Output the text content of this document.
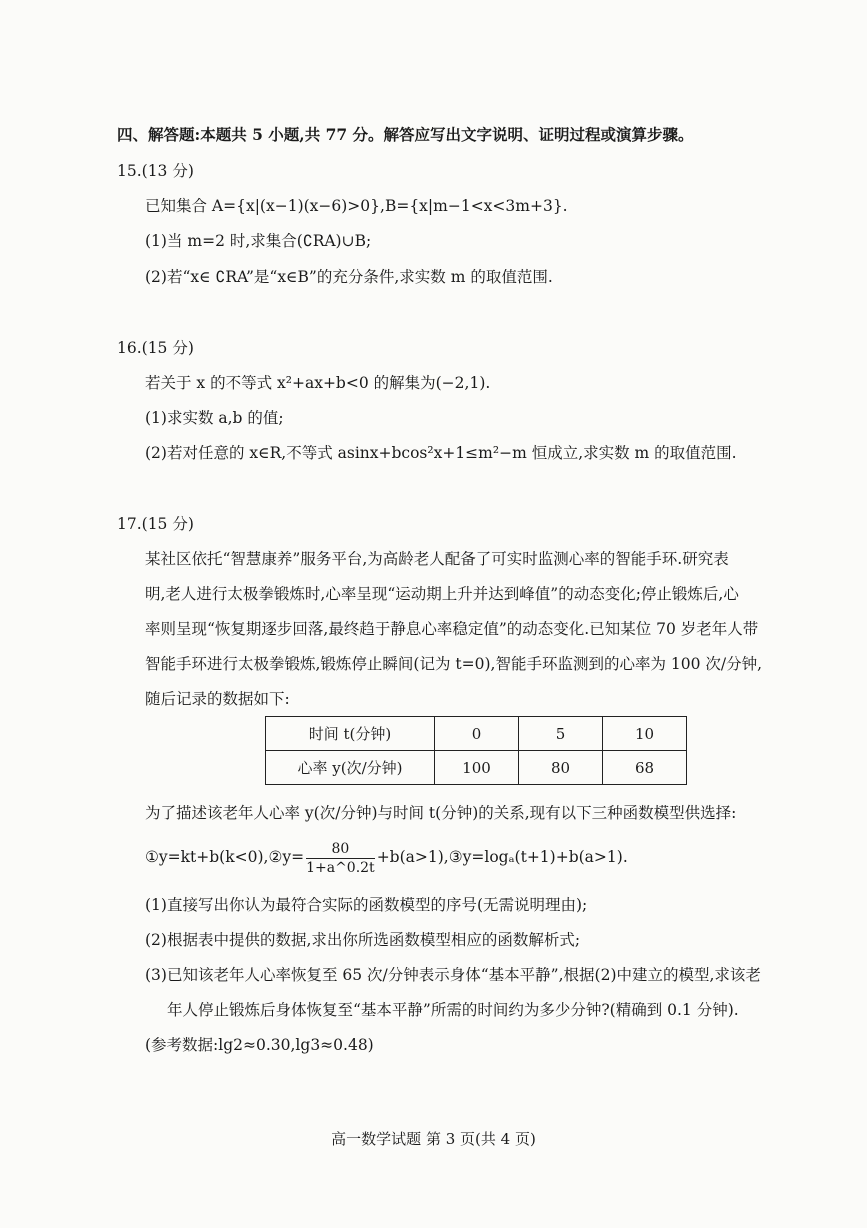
四、解答题:本题共 5 小题,共 77 分。解答应写出文字说明、证明过程或演算步骤。
15.(13 分)
已知集合 A={x|(x−1)(x−6)>0},B={x|m−1<x<3m+3}.
(1)当 m=2 时,求集合(∁RA)∪B;
(2)若“x∈ ∁RA”是“x∈B”的充分条件,求实数 m 的取值范围.
16.(15 分)
若关于 x 的不等式 x²+ax+b<0 的解集为(−2,1).
(1)求实数 a,b 的值;
(2)若对任意的 x∈R,不等式 asinx+bcos²x+1≤m²−m 恒成立,求实数 m 的取值范围.
17.(15 分)
某社区依托“智慧康养”服务平台,为高龄老人配备了可实时监测心率的智能手环.研究表
明,老人进行太极拳锻炼时,心率呈现“运动期上升并达到峰值”的动态变化;停止锻炼后,心
率则呈现“恢复期逐步回落,最终趋于静息心率稳定值”的动态变化.已知某位 70 岁老年人带
智能手环进行太极拳锻炼,锻炼停止瞬间(记为 t=0),智能手环监测到的心率为 100 次/分钟,
随后记录的数据如下:
时间 t(分钟)	0	5	10
心率 y(次/分钟)	100	80	68
为了描述该老年人心率 y(次/分钟)与时间 t(分钟)的关系,现有以下三种函数模型供选择:
①y=kt+b(k<0),②y= $\frac{80}{1+a\^{}0.2t}$ +b(a>1),③y=logₐ(t+1)+b(a>1).
(1)直接写出你认为最符合实际的函数模型的序号(无需说明理由);
(2)根据表中提供的数据,求出你所选函数模型相应的函数解析式;
(3)已知该老年人心率恢复至 65 次/分钟表示身体“基本平静”,根据(2)中建立的模型,求该老
年人停止锻炼后身体恢复至“基本平静”所需的时间约为多少分钟?(精确到 0.1 分钟).
(参考数据:lg2≈0.30,lg3≈0.48)
高一数学试题 第 3 页(共 4 页)
